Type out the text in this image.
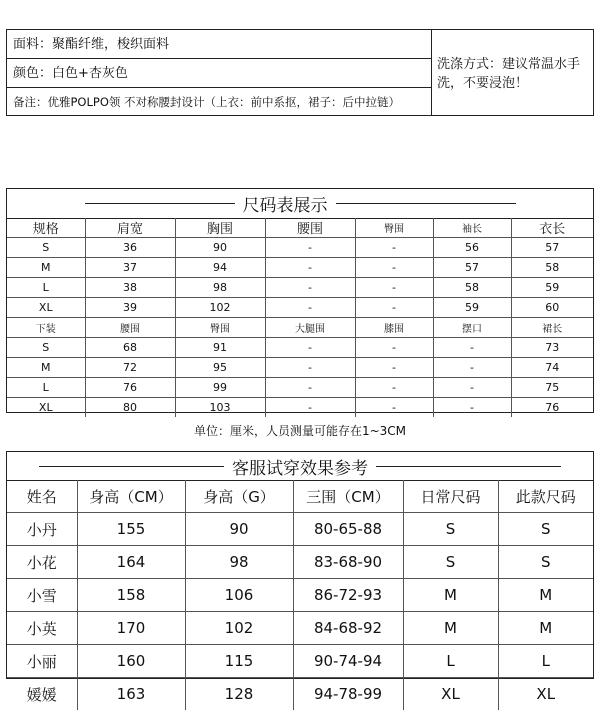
面料：聚酯纤维，梭织面料
颜色：白色+杏灰色
备注：优雅POLPO领 不对称腰封设计（上衣：前中系抠，裙子：后中拉链）
洗涤方式：建议常温水手
洗，不要浸泡！
尺码表展示
规格	肩宽	胸围	腰围	臀围	袖长	衣长
S	36	90	-	-	56	57
M	37	94	-	-	57	58
L	38	98	-	-	58	59
XL	39	102	-	-	59	60
下装	腰围	臀围	大腿围	膝围	摆口	裙长
S	68	91	-	-	-	73
M	72	95	-	-	-	74
L	76	99	-	-	-	75
XL	80	103	-	-	-	76
单位：厘米，人员测量可能存在1~3CM
客服试穿效果参考
姓名	身高（CM）	身高（G）	三围（CM）	日常尺码	此款尺码
小丹	155	90	80-65-88	S	S
小花	164	98	83-68-90	S	S
小雪	158	106	86-72-93	M	M
小英	170	102	84-68-92	M	M
小丽	160	115	90-74-94	L	L
媛媛	163	128	94-78-99	XL	XL
